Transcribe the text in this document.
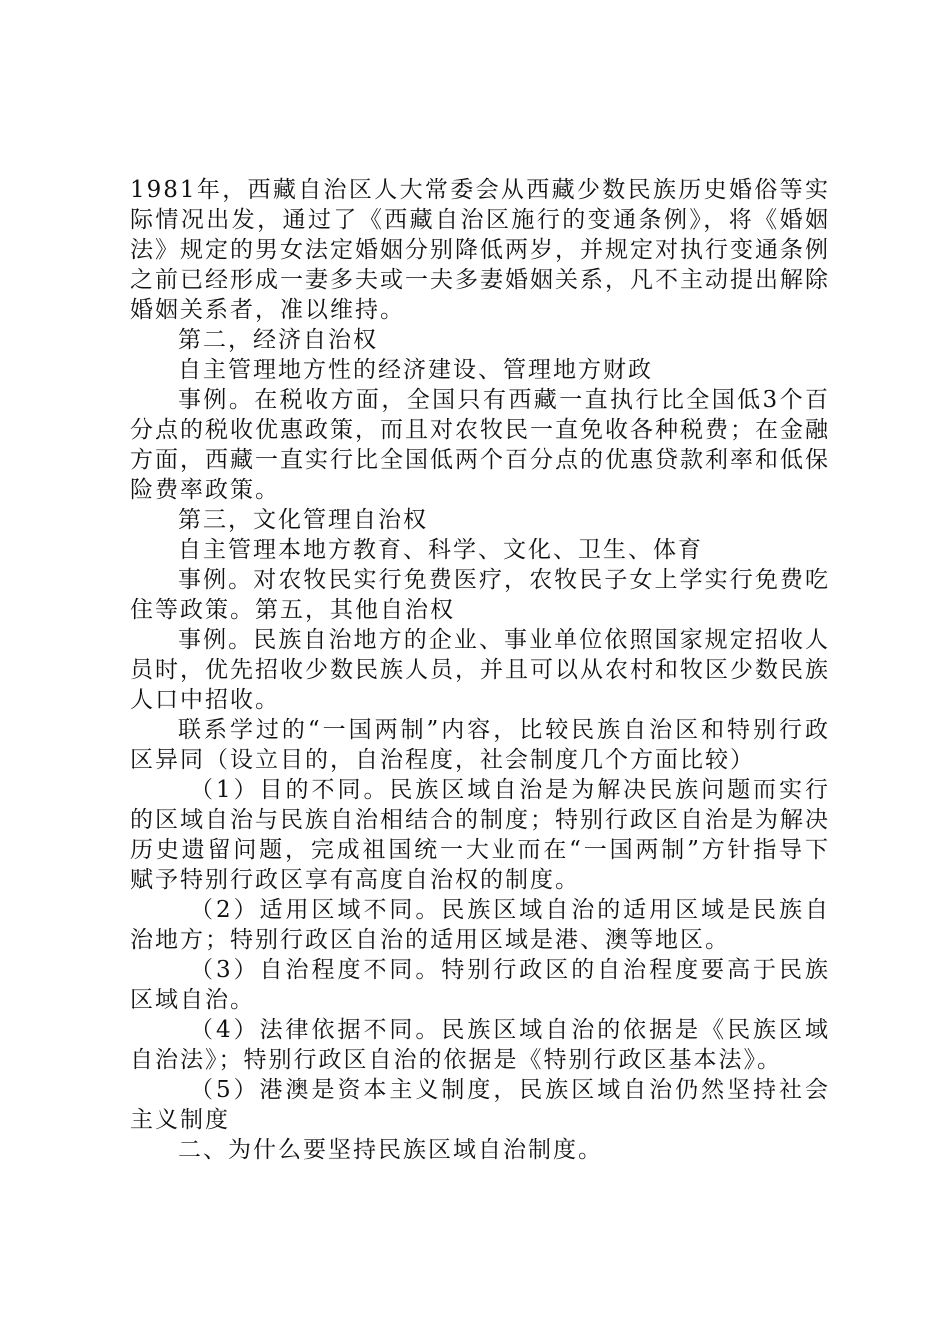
1981年，西藏自治区人大常委会从西藏少数民族历史婚俗等实际情况出发，通过了《西藏自治区施行的变通条例》，将《婚姻法》规定的男女法定婚姻分别降低两岁，并规定对执行变通条例之前已经形成一妻多夫或一夫多妻婚姻关系，凡不主动提出解除婚姻关系者，准以维持。

第二，经济自治权

自主管理地方性的经济建设、管理地方财政

事例。在税收方面，全国只有西藏一直执行比全国低3个百分点的税收优惠政策，而且对农牧民一直免收各种税费；在金融方面，西藏一直实行比全国低两个百分点的优惠贷款利率和低保险费率政策。

第三，文化管理自治权

自主管理本地方教育、科学、文化、卫生、体育

事例。对农牧民实行免费医疗，农牧民子女上学实行免费吃住等政策。第五，其他自治权

事例。民族自治地方的企业、事业单位依照国家规定招收人员时，优先招收少数民族人员，并且可以从农村和牧区少数民族人口中招收。

联系学过的“一国两制”内容，比较民族自治区和特别行政区异同（设立目的，自治程度，社会制度几个方面比较）

（1）目的不同。民族区域自治是为解决民族问题而实行的区域自治与民族自治相结合的制度；特别行政区自治是为解决历史遗留问题，完成祖国统一大业而在“一国两制”方针指导下赋予特别行政区享有高度自治权的制度。

（2）适用区域不同。民族区域自治的适用区域是民族自治地方；特别行政区自治的适用区域是港、澳等地区。

（3）自治程度不同。特别行政区的自治程度要高于民族区域自治。

（4）法律依据不同。民族区域自治的依据是《民族区域自治法》；特别行政区自治的依据是《特别行政区基本法》。

（5）港澳是资本主义制度，民族区域自治仍然坚持社会主义制度

二、为什么要坚持民族区域自治制度。
